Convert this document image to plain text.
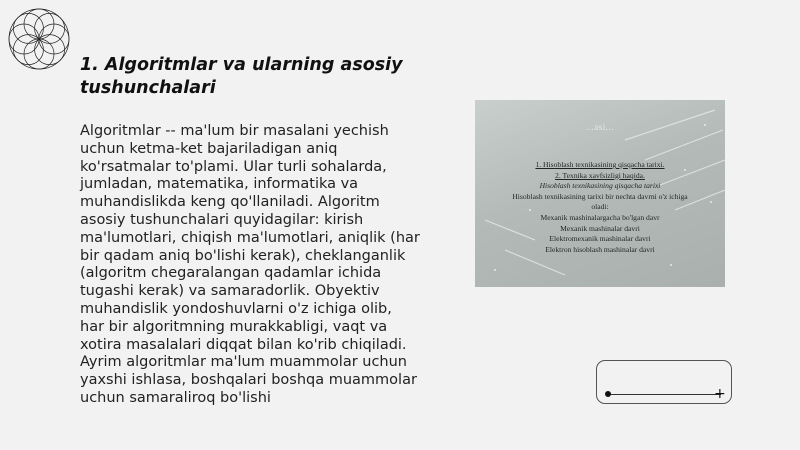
1. Algoritmlar va ularning asosiy tushunchalari

Algoritmlar -- ma'lum bir masalani yechish uchun ketma-ket bajariladigan aniq ko'rsatmalar to'plami. Ular turli sohalarda, jumladan, matematika, informatika va muhandislikda keng qo'llaniladi. Algoritm asosiy tushunchalari quyidagilar: kirish ma'lumotlari, chiqish ma'lumotlari, aniqlik (har bir qadam aniq bo'lishi kerak), cheklanganlik (algoritm chegaralangan qadamlar ichida tugashi kerak) va samaradorlik. Obyektiv muhandislik yondoshuvlarni o'z ichiga olib, har bir algoritmning murakkabligi, vaqt va xotira masalalari diqqat bilan ko'rib chiqiladi. Ayrim algoritmlar ma'lum muammolar uchun yaxshi ishlasa, boshqalari boshqa muammolar uchun samaraliroq bo'lishi

...asi...
1. Hisoblash texnikasining qisqacha tarixi.
2. Texnika xavfsizligi haqida.
Hisoblash texnikasining qisqacha tarixi
Hisoblash texnikasining tarixi bir nechta davrni o'z ichiga
oladi:
Mexanik mashinalargacha bo'lgan davr
Mexanik mashinalar davri
Elektromexanik mashinalar davri
Elektron hisoblash mashinalar davri
+
